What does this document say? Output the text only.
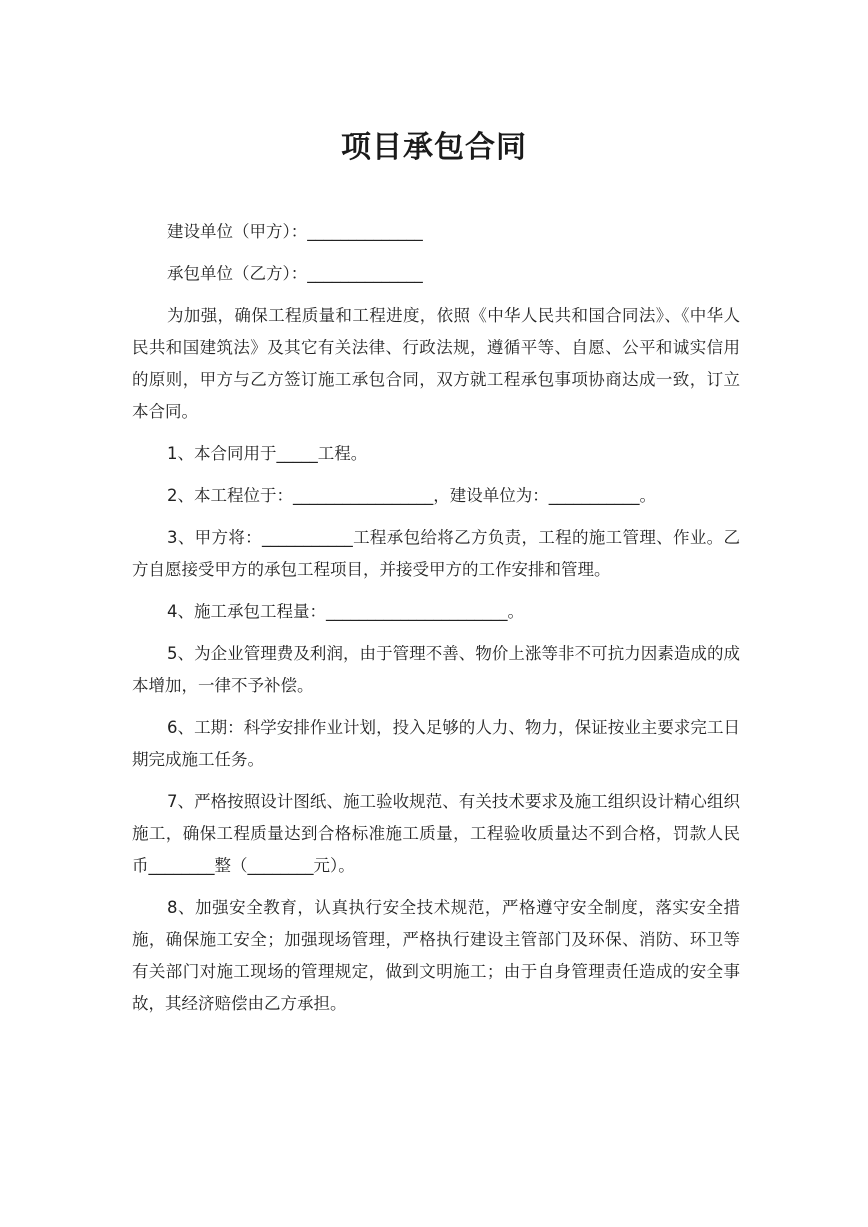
项目承包合同

建设单位（甲方）：______________

承包单位（乙方）：______________

为加强，确保工程质量和工程进度，依照《中华人民共和国合同法》、《中华人民共和国建筑法》及其它有关法律、行政法规，遵循平等、自愿、公平和诚实信用的原则，甲方与乙方签订施工承包合同，双方就工程承包事项协商达成一致，订立本合同。

1、本合同用于_____工程。

2、本工程位于：_________________，建设单位为：___________。

3、甲方将：___________工程承包给将乙方负责，工程的施工管理、作业。乙方自愿接受甲方的承包工程项目，并接受甲方的工作安排和管理。

4、施工承包工程量：______________________。

5、为企业管理费及利润，由于管理不善、物价上涨等非不可抗力因素造成的成本增加，一律不予补偿。

6、工期：科学安排作业计划，投入足够的人力、物力，保证按业主要求完工日期完成施工任务。

7、严格按照设计图纸、施工验收规范、有关技术要求及施工组织设计精心组织施工，确保工程质量达到合格标准施工质量，工程验收质量达不到合格，罚款人民币________整（________元）。

8、加强安全教育，认真执行安全技术规范，严格遵守安全制度，落实安全措施，确保施工安全；加强现场管理，严格执行建设主管部门及环保、消防、环卫等有关部门对施工现场的管理规定，做到文明施工；由于自身管理责任造成的安全事故，其经济赔偿由乙方承担。
